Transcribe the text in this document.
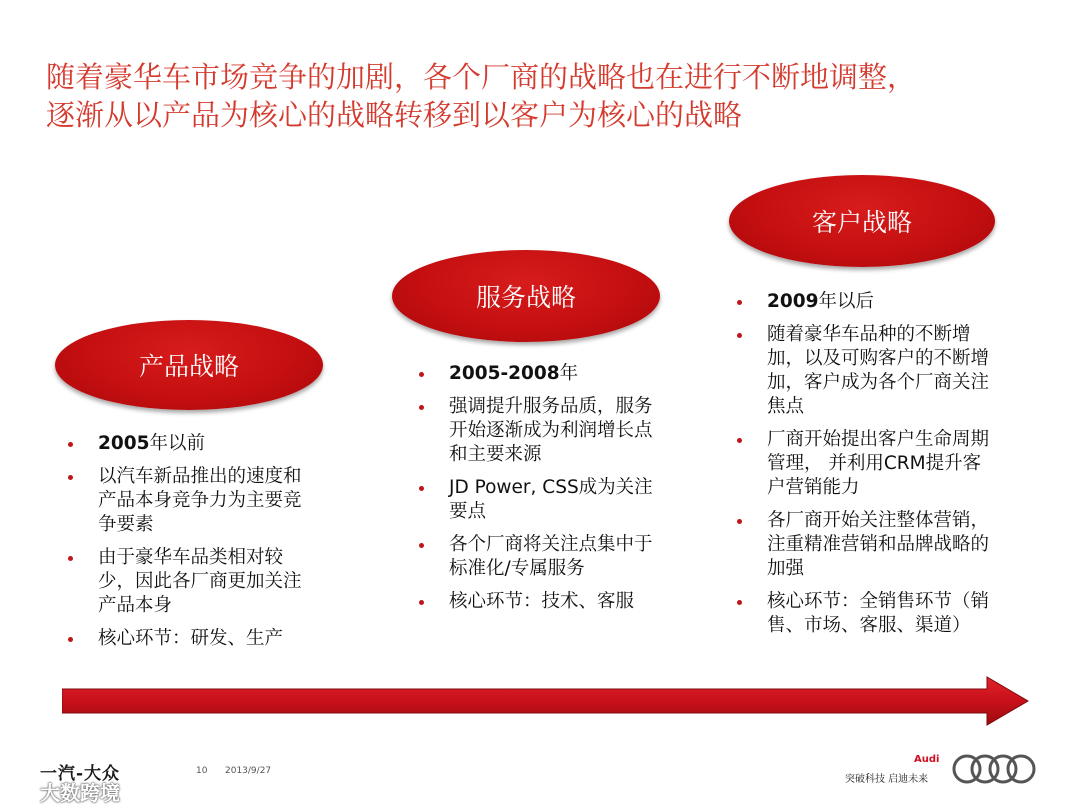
随着豪华车市场竞争的加剧，各个厂商的战略也在进行不断地调整，
逐渐从以产品为核心的战略转移到以客户为核心的战略
产品战略
服务战略
客户战略
2005年以前
以汽车新品推出的速度和产品本身竞争力为主要竞争要素
由于豪华车品类相对较少，因此各厂商更加关注产品本身
核心环节：研发、生产
2005-2008年
强调提升服务品质，服务开始逐渐成为利润增长点和主要来源
JD Power, CSS成为关注要点
各个厂商将关注点集中于标准化/专属服务
核心环节：技术、客服
2009年以后
随着豪华车品种的不断增加，以及可购客户的不断增加，客户成为各个厂商关注焦点
厂商开始提出客户生命周期管理， 并利用CRM提升客户营销能力
各厂商开始关注整体营销，注重精准营销和品牌战略的加强
核心环节：全销售环节（销售、市场、客服、渠道）
一汽-大众	10 2013/9/27
Audi
突破科技 启迪未来
大数跨境
